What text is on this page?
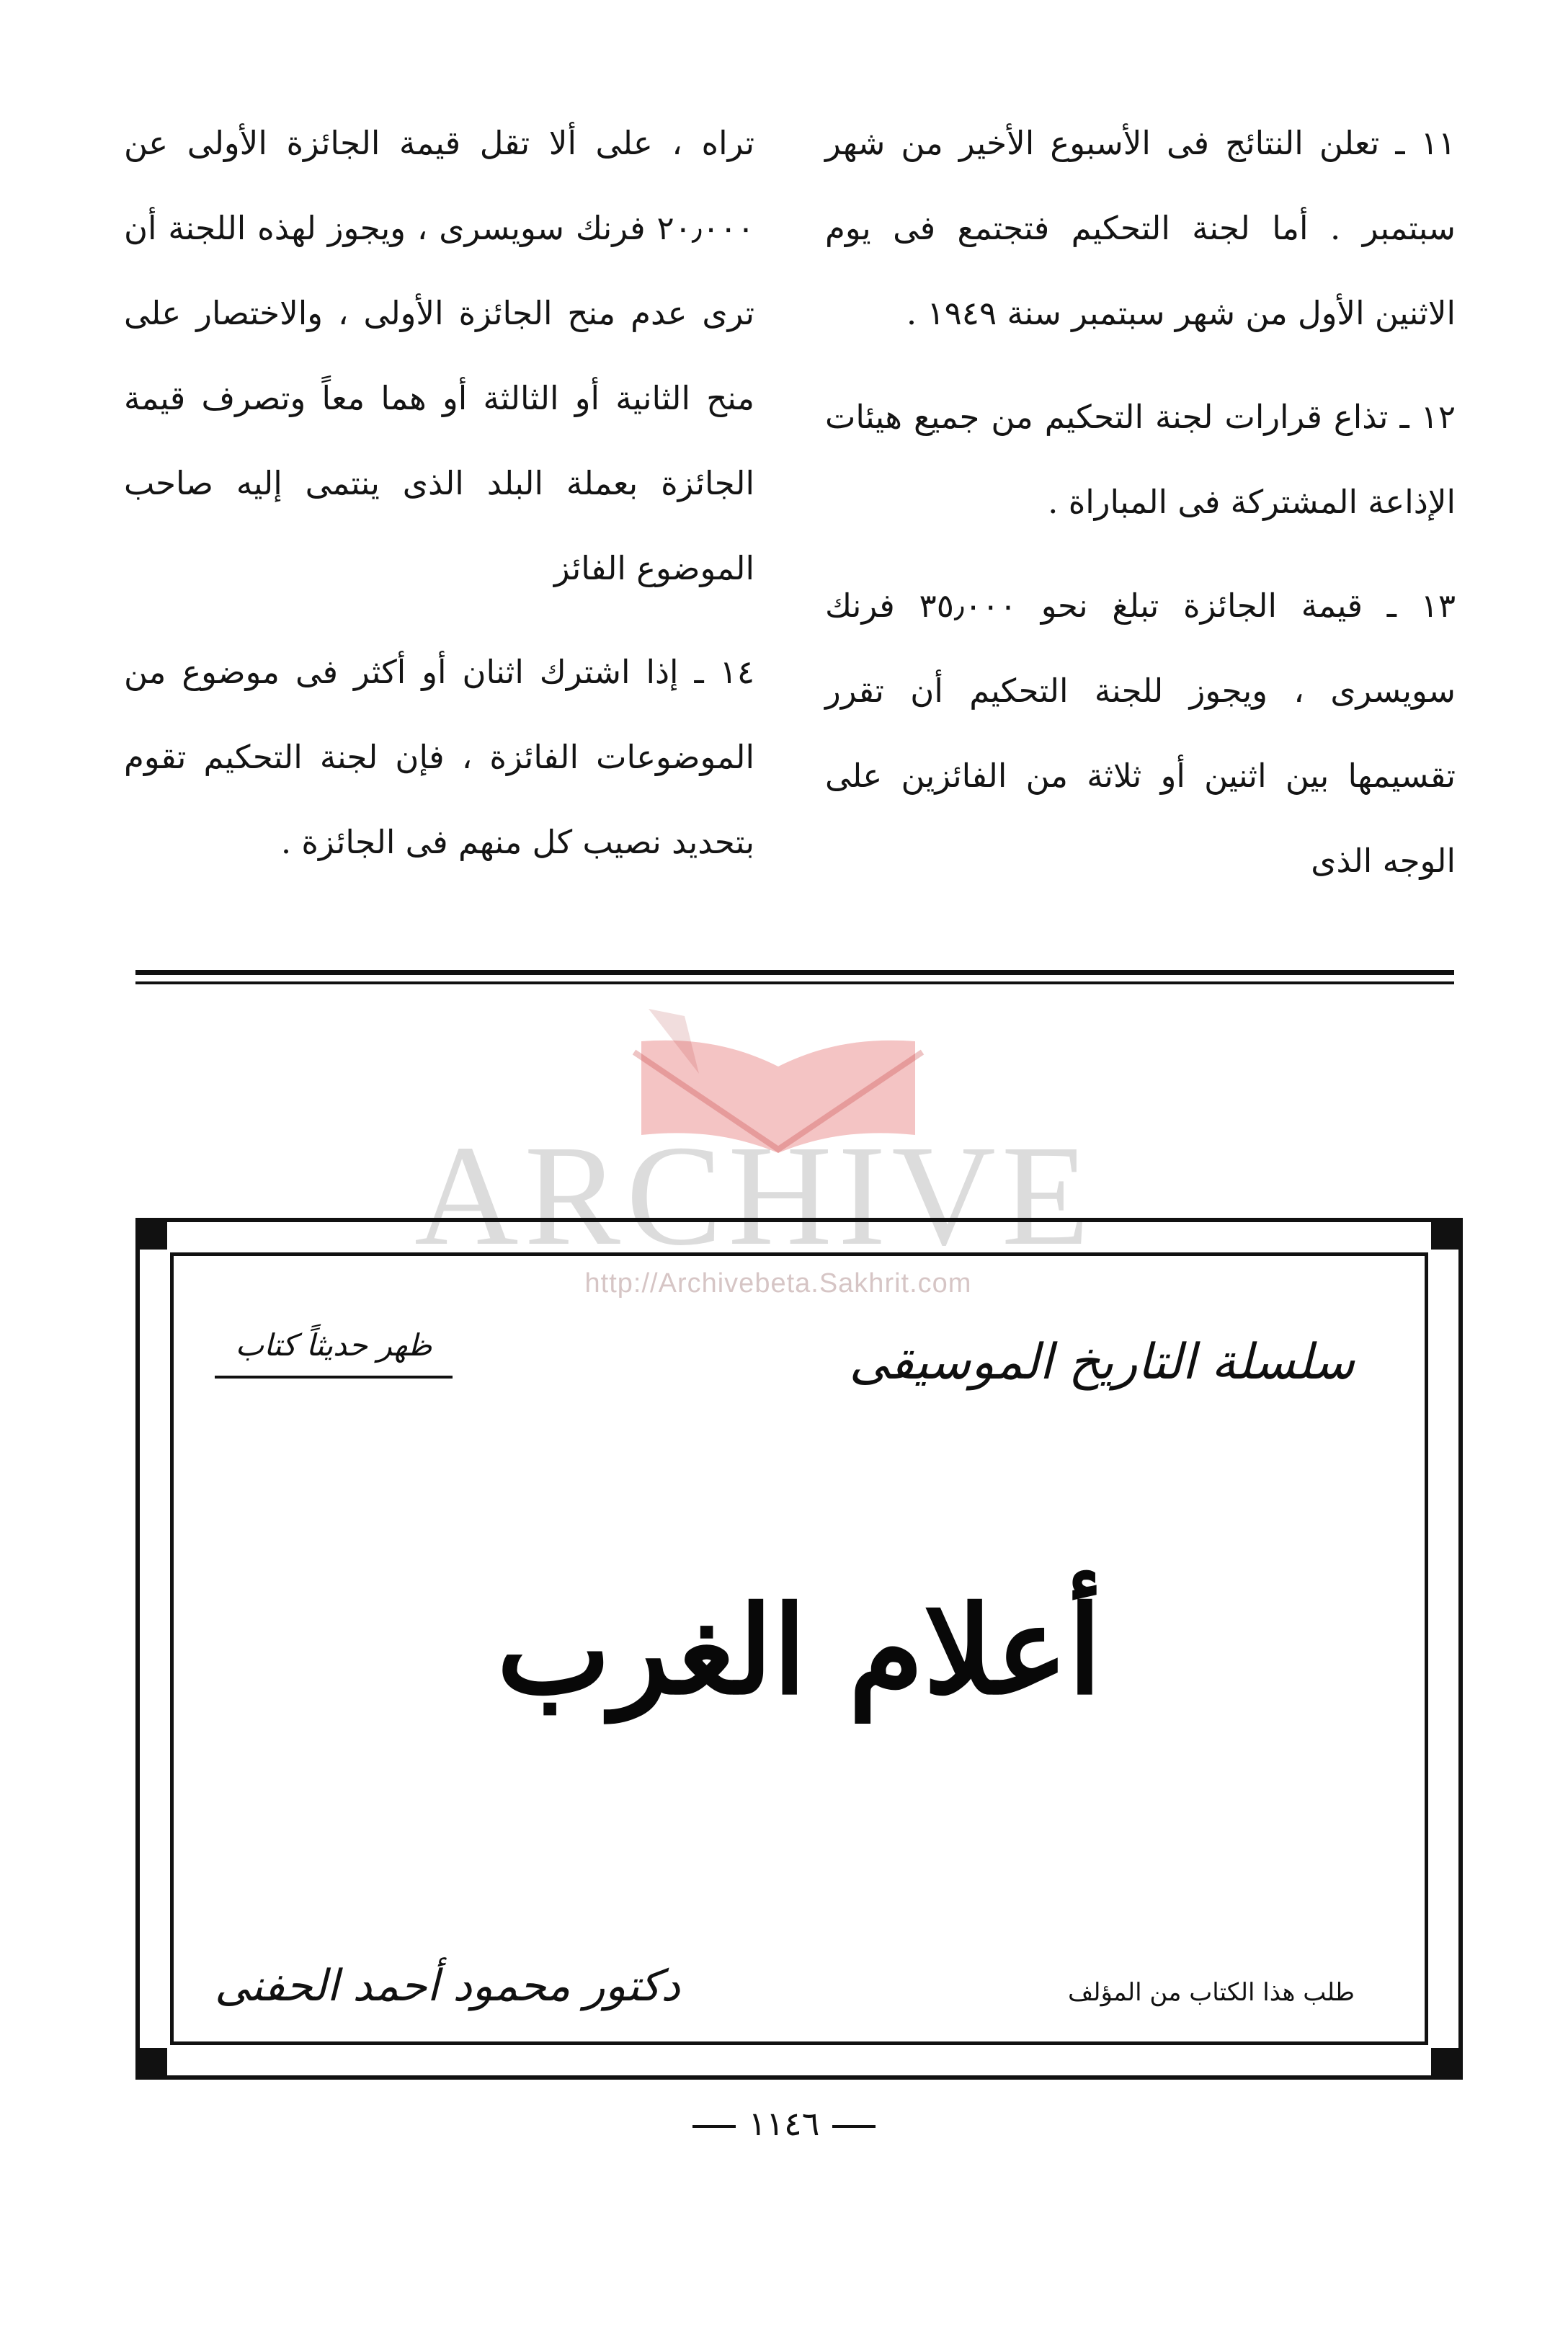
١١ ـ تعلن النتائج فى الأسبوع الأخير من شهر سبتمبر . أما لجنة التحكيم فتجتمع فى يوم الاثنين الأول من شهر سبتمبر سنة ١٩٤٩ .
١٢ ـ تذاع قرارات لجنة التحكيم من جميع هيئات الإذاعة المشتركة فى المباراة .
١٣ ـ قيمة الجائزة تبلغ نحو ٣٥٫٠٠٠ فرنك سويسرى ، ويجوز للجنة التحكيم أن تقرر تقسيمها بين اثنين أو ثلاثة من الفائزين على الوجه الذى
تراه ، على ألا تقل قيمة الجائزة الأولى عن ٢٠٫٠٠٠ فرنك سويسرى ، ويجوز لهذه اللجنة أن ترى عدم منح الجائزة الأولى ، والاختصار على منح الثانية أو الثالثة أو هما معاً وتصرف قيمة الجائزة بعملة البلد الذى ينتمى إليه صاحب الموضوع الفائز
١٤ ـ إذا اشترك اثنان أو أكثر فى موضوع من الموضوعات الفائزة ، فإن لجنة التحكيم تقوم بتحديد نصيب كل منهم فى الجائزة .
ARCHIVE
http://Archivebeta.Sakhrit.com
سلسلة التاريخ الموسيقى
ظهر حديثاً كتاب
أعلام الغرب
دكتور محمود أحمد الحفنى	طلب هذا الكتاب من المؤلف
١١٤٦
